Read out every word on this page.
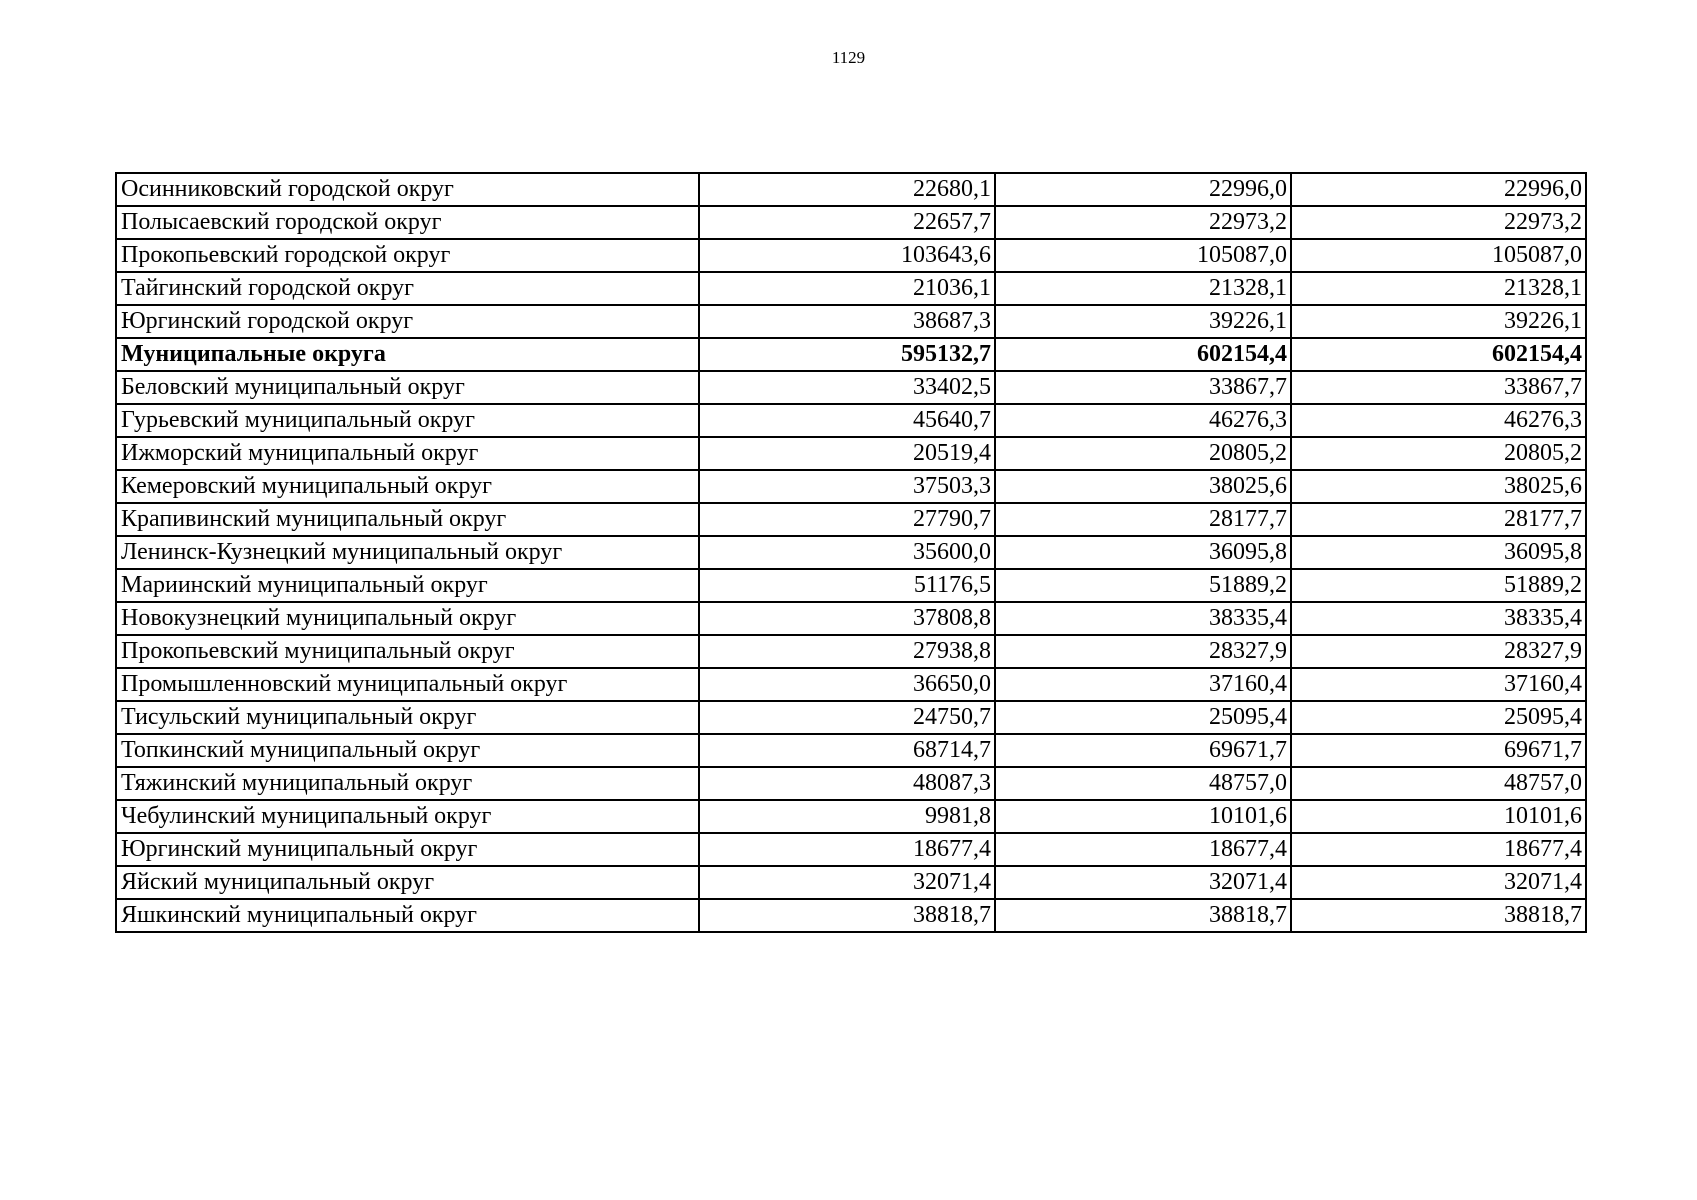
1129
Осинниковский городской округ	22680,1	22996,0	22996,0
Полысаевский городской округ	22657,7	22973,2	22973,2
Прокопьевский городской округ	103643,6	105087,0	105087,0
Тайгинский городской округ	21036,1	21328,1	21328,1
Юргинский городской округ	38687,3	39226,1	39226,1
Муниципальные округа	595132,7	602154,4	602154,4
Беловский муниципальный округ	33402,5	33867,7	33867,7
Гурьевский муниципальный округ	45640,7	46276,3	46276,3
Ижморский муниципальный округ	20519,4	20805,2	20805,2
Кемеровский муниципальный округ	37503,3	38025,6	38025,6
Крапивинский муниципальный округ	27790,7	28177,7	28177,7
Ленинск-Кузнецкий муниципальный округ	35600,0	36095,8	36095,8
Мариинский муниципальный округ	51176,5	51889,2	51889,2
Новокузнецкий муниципальный округ	37808,8	38335,4	38335,4
Прокопьевский муниципальный округ	27938,8	28327,9	28327,9
Промышленновский муниципальный округ	36650,0	37160,4	37160,4
Тисульский муниципальный округ	24750,7	25095,4	25095,4
Топкинский муниципальный округ	68714,7	69671,7	69671,7
Тяжинский муниципальный округ	48087,3	48757,0	48757,0
Чебулинский муниципальный округ	9981,8	10101,6	10101,6
Юргинский муниципальный округ	18677,4	18677,4	18677,4
Яйский муниципальный округ	32071,4	32071,4	32071,4
Яшкинский муниципальный округ	38818,7	38818,7	38818,7
